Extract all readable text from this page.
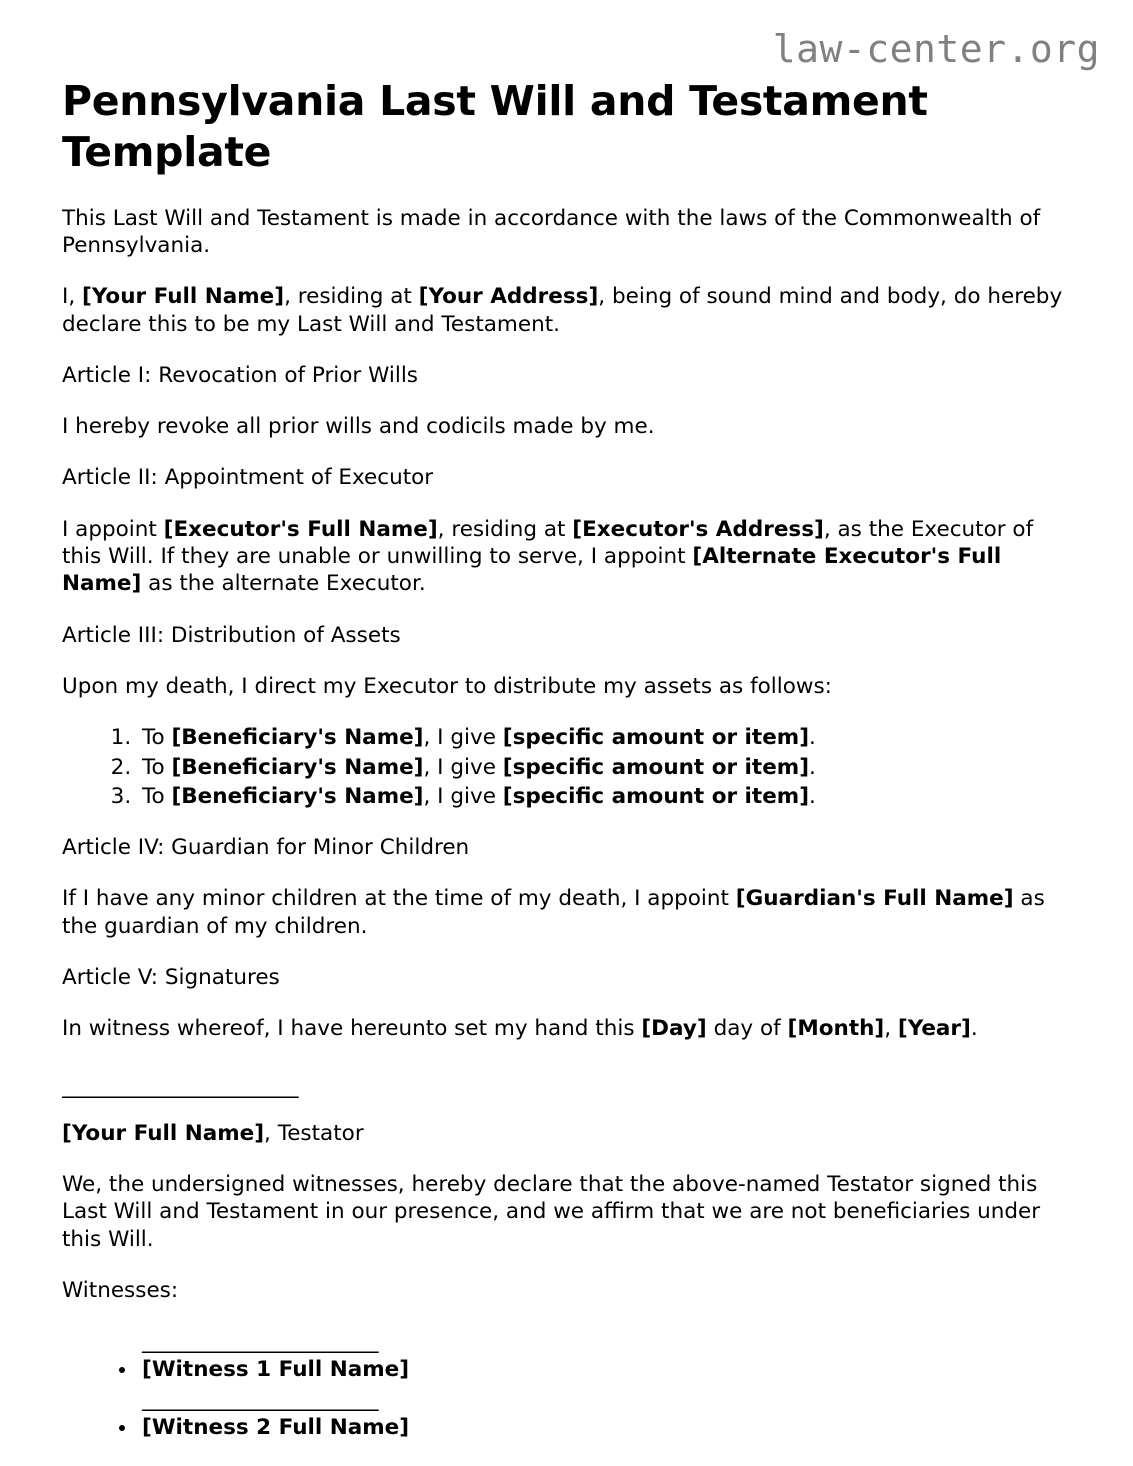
law-center.org
Pennsylvania Last Will and Testament Template

This Last Will and Testament is made in accordance with the laws of the Commonwealth of Pennsylvania.

I, [Your Full Name], residing at [Your Address], being of sound mind and body, do hereby declare this to be my Last Will and Testament.

Article I: Revocation of Prior Wills

I hereby revoke all prior wills and codicils made by me.

Article II: Appointment of Executor

I appoint [Executor's Full Name], residing at [Executor's Address], as the Executor of this Will. If they are unable or unwilling to serve, I appoint [Alternate Executor's Full Name] as the alternate Executor.

Article III: Distribution of Assets

Upon my death, I direct my Executor to distribute my assets as follows:

1. To [Beneficiary's Name], I give [specific amount or item].
2. To [Beneficiary's Name], I give [specific amount or item].
3. To [Beneficiary's Name], I give [specific amount or item].

Article IV: Guardian for Minor Children

If I have any minor children at the time of my death, I appoint [Guardian's Full Name] as the guardian of my children.

Article V: Signatures

In witness whereof, I have hereunto set my hand this [Day] day of [Month], [Year].

______________________

[Your Full Name], Testator

We, the undersigned witnesses, hereby declare that the above-named Testator signed this Last Will and Testament in our presence, and we affirm that we are not beneficiaries under this Will.

Witnesses:

• ______________________
• [Witness 1 Full Name]
• ______________________
• [Witness 2 Full Name]
